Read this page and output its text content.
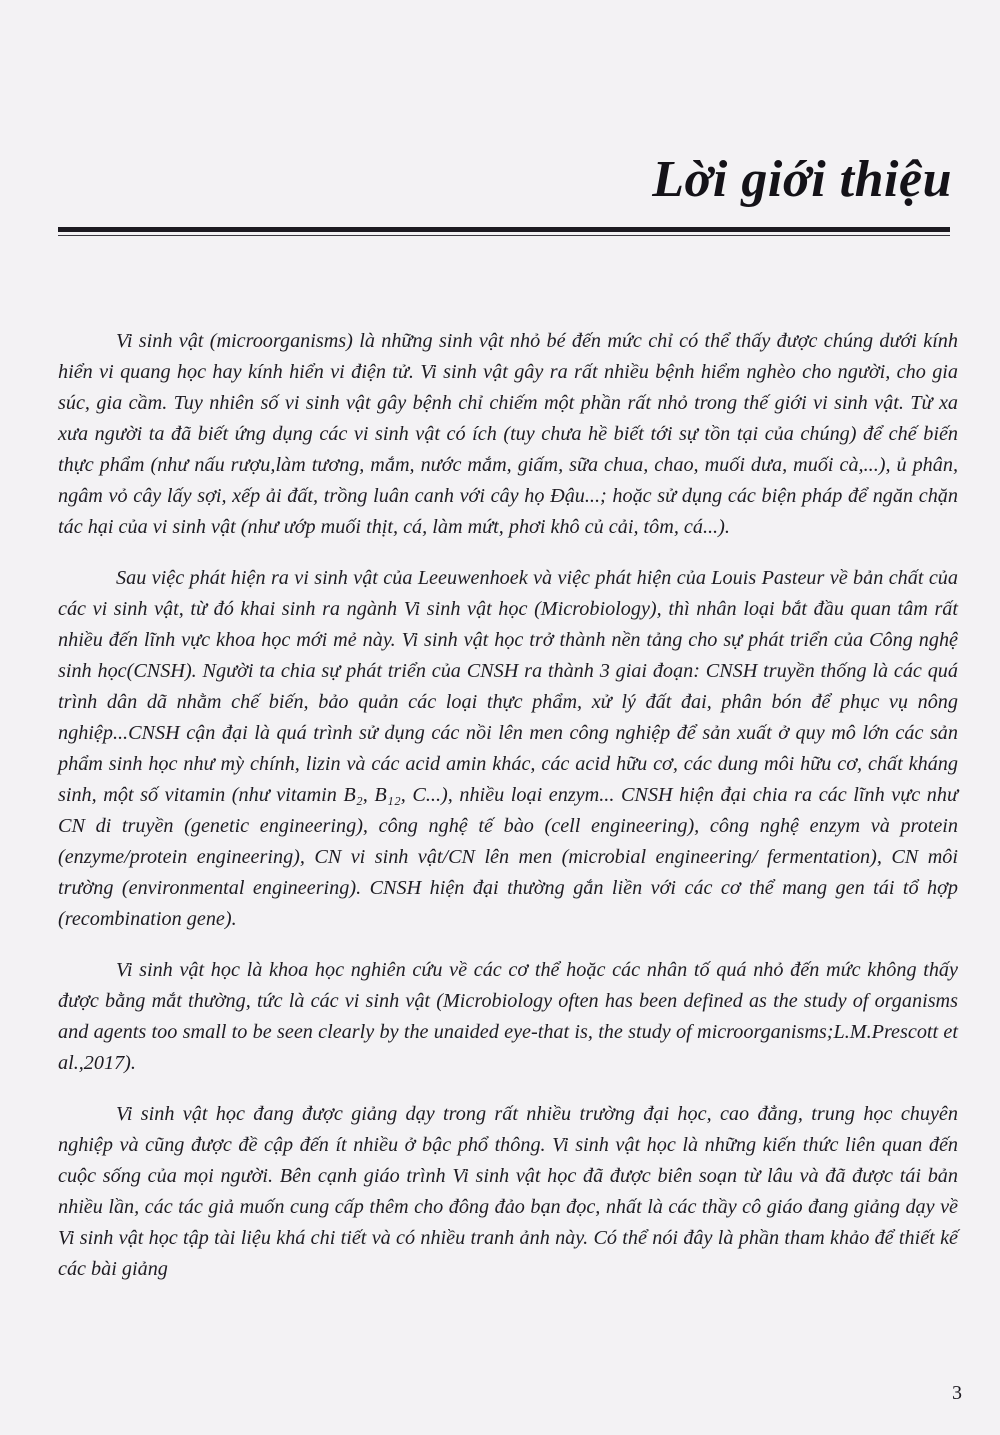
Lời giới thiệu

Vi sinh vật (microorganisms) là những sinh vật nhỏ bé đến mức chỉ có thể thấy được chúng dưới kính hiển vi quang học hay kính hiển vi điện tử. Vi sinh vật gây ra rất nhiều bệnh hiểm nghèo cho người, cho gia súc, gia cầm. Tuy nhiên số vi sinh vật gây bệnh chỉ chiếm một phần rất nhỏ trong thế giới vi sinh vật. Từ xa xưa người ta đã biết ứng dụng các vi sinh vật có ích (tuy chưa hề biết tới sự tồn tại của chúng) để chế biến thực phẩm (như nấu rượu,làm tương, mắm, nước mắm, giấm, sữa chua, chao, muối dưa, muối cà,...), ủ phân, ngâm vỏ cây lấy sợi, xếp ải đất, trồng luân canh với cây họ Đậu...; hoặc sử dụng các biện pháp để ngăn chặn tác hại của vi sinh vật (như ướp muối thịt, cá, làm mứt, phơi khô củ cải, tôm, cá...).

Sau việc phát hiện ra vi sinh vật của Leeuwenhoek và việc phát hiện của Louis Pasteur về bản chất của các vi sinh vật, từ đó khai sinh ra ngành Vi sinh vật học (Microbiology), thì nhân loại bắt đầu quan tâm rất nhiều đến lĩnh vực khoa học mới mẻ này. Vi sinh vật học trở thành nền tảng cho sự phát triển của Công nghệ sinh học(CNSH). Người ta chia sự phát triển của CNSH ra thành 3 giai đoạn: CNSH truyền thống là các quá trình dân dã nhằm chế biến, bảo quản các loại thực phẩm, xử lý đất đai, phân bón để phục vụ nông nghiệp...CNSH cận đại là quá trình sử dụng các nồi lên men công nghiệp để sản xuất ở quy mô lớn các sản phẩm sinh học như mỳ chính, lizin và các acid amin khác, các acid hữu cơ, các dung môi hữu cơ, chất kháng sinh, một số vitamin (như vitamin B₂, B₁₂, C...), nhiều loại enzym... CNSH hiện đại chia ra các lĩnh vực như CN di truyền (genetic engineering), công nghệ tế bào (cell engineering), công nghệ enzym và protein (enzyme/protein engineering), CN vi sinh vật/CN lên men (microbial engineering/ fermentation), CN môi trường (environmental engineering). CNSH hiện đại thường gắn liền với các cơ thể mang gen tái tổ hợp (recombination gene).

Vi sinh vật học là khoa học nghiên cứu về các cơ thể hoặc các nhân tố quá nhỏ đến mức không thấy được bằng mắt thường, tức là các vi sinh vật (Microbiology often has been defined as the study of organisms and agents too small to be seen clearly by the unaided eye-that is, the study of microorganisms;L.M.Prescott et al.,2017).

Vi sinh vật học đang được giảng dạy trong rất nhiều trường đại học, cao đẳng, trung học chuyên nghiệp và cũng được đề cập đến ít nhiều ở bậc phổ thông. Vi sinh vật học là những kiến thức liên quan đến cuộc sống của mọi người. Bên cạnh giáo trình Vi sinh vật học đã được biên soạn từ lâu và đã được tái bản nhiều lần, các tác giả muốn cung cấp thêm cho đông đảo bạn đọc, nhất là các thầy cô giáo đang giảng dạy về Vi sinh vật học tập tài liệu khá chi tiết và có nhiều tranh ảnh này. Có thể nói đây là phần tham khảo để thiết kế các bài giảng

3
